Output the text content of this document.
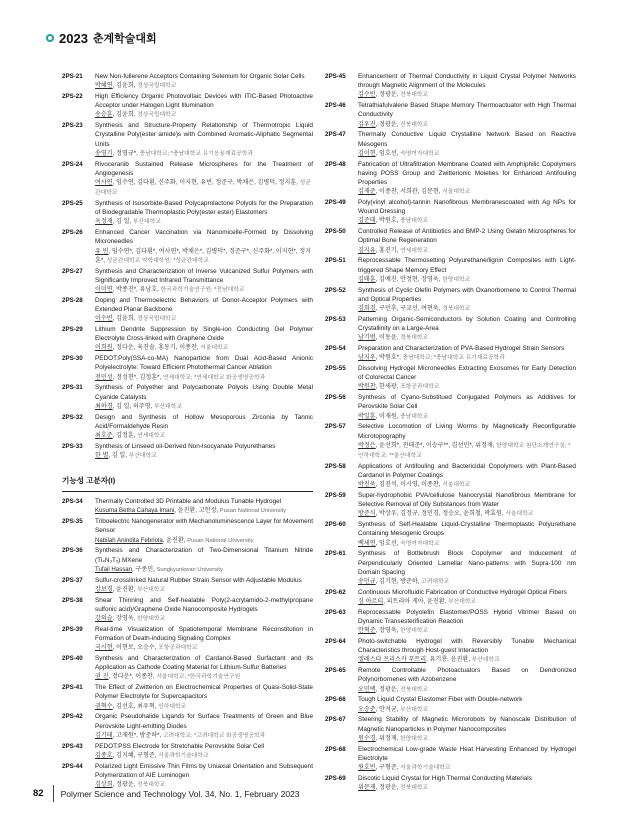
2023 춘계학술대회
2PS-21	New Non-fullerene Acceptors Containing Selenium for Organic Solar Cells
박혜연, 김윤희, 경상국립대학교
2PS-22	High Efficiency Organic Photovoltaic Devices with ITIC-Based Photoactive Acceptor under Halogen Light Illumination
송승훈, 김윤희, 경상국립대학교
2PS-23	Synthesis and Structure-Property Relationship of Thermotropic Liquid Crystalline Poly(ester amide)s with Combined Aromatic-Aliphatic Segmental Units
송영기, 정영규*, 충남대학교; *충남대학교 유기응용재료공학과
2PS-24	Rivoceranib Sustained Release Microspheres for the Treatment of Angiogenesis
여사연, 임수연, 김다훤, 신주화, 이지현, 유빈, 정준구, 박채은, 김병덕, 정지훈, 성균관대학교
2PS-25	Synthesis of Isosorbide-Based Polycaprolactone Polyols for the Preparation of Biodegradable Thermoplastic Poly(ester ester) Elastomers
옥정재, 김 일, 부산대학교
2PS-26	Enhanced Cancer Vaccination via Nanomicelle-Formed by Dissolving Microneedles
유 빈, 임수연*, 김다훤*, 여사연*, 박채은*, 김병덕*, 정준구*, 신주화*, 이지현*, 정지훈*, 성균관대학교 약학대학원; *성균관대학교
2PS-27	Synthesis and Characterization of Inverse Vulcanized Sulfur Polymers with Significantly Improved Infrared Transmittance
이미연, 박종진*, 유남호, 한국과학기술연구원; *전남대학교
2PS-28	Doping and Thermoelectric Behaviors of Donor-Acceptor Polymers with Extended Planar Backbone
이수빈, 김윤희, 경상국립대학교
2PS-29	Lithium Dendrite Suppression by Single-ion Conducting Gel Polymer Electrolyte Cross-linked with Graphene Oxide
이희원, 정다운, 육진솔, 홍동기, 이종찬, 서울대학교
2PS-30	PEDOT:Poly(SSA-co-MA) Nanoparticle from Dual Acid-Based Anionic Polyelectrolyte: Toward Efficient Photothermal Cancer Ablation
전민성, 정성현*, 김정훈*, 연세대학교; *연세대학교 화공생명공학과
2PS-31	Synthesis of Polyether and Polycarbonate Polyols Using Double Metal Cyanide Catalysts
최하경, 김 일, 허주영, 부산대학교
2PS-32	Design and Synthesis of Hollow Mesoporous Zirconia by Tannic Acid/Formaldehyde Resin
최호준, 김정훈, 연세대학교
2PS-33	Synthesis of Linseed oil-Derived Non-Isocyanate Polyurethanes
한 별, 김 일, 부산대학교
기능성 고분자(I)
2PS-34	Thermally Controlled 3D Printable and Modulus Tunable Hydrogel
Kusuma Betha Cahaya Imani, 윤진환, 고언정, Pusan National University
2PS-35	Triboelectric Nanogenerator with Mechanoluminescence Layer for Movement Sensor
Nabilah Anindita Febriola, 윤진환, Pusan National University
2PS-36	Synthesis and Characterization of Two-Dimensional Titanium Nitride (Ti₄N₃Tₓ) MXene
Tufail Hassan, 구종민, Sungkyunkwan University
2PS-37	Sulfur-crosslinked Natural Rubber Strain Sensor with Adjustable Modulus
강보경, 윤진환, 부산대학교
2PS-38	Shear Thinning and Self-healable Poly(2-acrylamido-2-methylpropane sulfonic acid)/Graphene Oxide Nanocomposite Hydrogels
강의슬, 장영욱, 한양대학교
2PS-39	Real-time Visualization of Spatiotemporal Membrane Reconstitution in Formation of Death-inducing Signaling Complex
국시현, 이현로, 오승수, 포항공과대학교
2PS-40	Synthesis and Characterization of Cardanol-Based Surfactant and Its Application as Cathode Coating Material for Lithium-Sulfur Batteries
권 진, 정다운*, 이종찬, 서울대학교; *한국과학기술연구원
2PS-41	The Effect of Zwitterion on Electrochemical Properties of Quasi-Solid-State Polymer Electrolyte for Supercapacitors
권혁수, 김선호, 최우혁, 인하대학교
2PS-42	Organic Pseudohalide Ligands for Surface Treatments of Green and Blue Perovskite Light-emitting Diodes
김기태, 고재원*, 방준하*, 고려대학교; *고려대학교 화공생명공학과
2PS-43	PEDOT:PSS Electrode for Stretchable Perovskite Solar Cell
김종호, 김지혜, 구형준, 서울과학기술대학교
2PS-44	Polarized Light Emissive Thin Films by Uniaxial Orientation and Subsequent Polymerization of AIE Luminogen
김상희, 정광운, 전북대학교
2PS-45	Enhancement of Thermal Conductivity in Liquid Crystal Polymer Networks through Magnetic Alignment of the Molecules
김수빈, 정광운, 전북대학교
2PS-46	Tetrathiafulvalene Based Shape Memory Thermoactuator with High Thermal Conductivity
김우진, 정광운, 전북대학교
2PS-47	Thermally Conductive Liquid Crystalline Network Based on Reactive Mesogens
김이현, 임호선, 숙명여자대학교
2PS-48	Fabrication of Ultrafiltration Membrane Coated with Amphiphilic Copolymers having POSS Group and Zwitterionic Moieties for Enhanced Antifouling Properties
김재준, 이종찬, 서희관, 김문현, 서울대학교
2PS-49	Poly(vinyl alcohol)-tannin Nanofibrous Membranescoated with Ag NPs for Wound Dressing
김준태, 박원호, 충남대학교
2PS-50	Controlled Release of Antibiotics and BMP-2 Using Gelatin Microspheres for Optimal Bone Regeneration
김지유, 홍진기, 연세대학교
2PS-51	Reprocessable Thermosetting Polyurethane/lignin Composites with Light-triggered Shape Memory Effect
김태훈, 김예진, 안정현, 장영욱, 한양대학교
2PS-52	Synthesis of Cyclic Olefin Polymers with Oxanorbornene to Control Thermal and Optical Properties
김희경, 구민후, 구교선, 여현욱, 경북대학교
2PS-53	Patterning Organic-Semiconductors by Solution Coating and Controlling Crystallinity on a Large-Area
남기범, 이동윤, 경북대학교
2PS-54	Preparation and Characterization of PVA-Based Hydrogel Strain Sensors
남지우, 박원호*, 충남대학교; *충남대학교 유기재료공학과
2PS-55	Dissolving Hydrogel Microneedles Extracting Exosomes for Early Detection of Colorectal Cancer
박원찬, 한세광, 포항공과대학교
2PS-56	Synthesis of Cyano-Substitued Conjugated Polymers as Additives for Perovskite Solar Cell
박일훈, 이재원, 충남대학교
2PS-57	Selective Locomotion of Living Worms by Magnetically Reconfigurable Microtopography
박정은, 윤선희*, 전태준*, 이승구**, 김선민*, 위정재, 한양대학교 첨단소재연구실; *인하대학교; **울산대학교
2PS-58	Applications of Antifouling and Bactericidal Copolymers with Plant-Based Cardanol in Polymer Coatings
박진욱, 김진석, 이시영, 이종찬, 서울대학교
2PS-59	Super-hydrophobic PVA/cellulose Nanocrystal Nanofibrous Membrane for Selective Removal of Oily Substances from Water
방준식, 박상우, 김정규, 정민경, 정승오, 윤희철, 곽효원, 서울대학교
2PS-60	Synthesis of Self-Healable Liquid-Crystalline Thermoplastic Polyurethane Containing Mesogenic Groups
백세연, 임호선, 숙명여자대학교
2PS-61	Synthesis of Bottlebrush Block Copolymer and Inducement of Perpendicularly Oriented Lamellar Nano-patterns with Supra-100 nm Domain Spacing
송민규, 김기현, 방준하, 고려대학교
2PS-62	Continuous Microfluidic Fabrication of Conductive Hydrogel Optical Fibers
싱 아르티, 피트리아 게아, 윤진환, 부산대학교
2PS-63	Reprocessable Polyolefin Elastomer/POSS Hybrid Vitrimer Based on Dynamic Transesterification Reaction
안혁준, 장영욱, 한양대학교
2PS-64	Photo-switchable Hydrogel with Reversibly Tunable Mechanical Characteristics through Host-guest Interaction
엘레스타 프리스카 푸트리, 유기룡, 윤진환, 부산대학교
2PS-65	Remote Controllable Photoactuators Based on Dendronized Polynorbornenes with Azobenzene
오민택, 정광운, 전북대학교
2PS-66	Tough Liquid Crystal Elastomer Fiber with Double-network
오승준, 안석균, 부산대학교
2PS-67	Steering Stability of Magnetic Microrobots by Nanoscale Distribution of Magnetic Nanoparticles in Polymer Nanocomposites
원수경, 위정재, 한양대학교
2PS-68	Electrochemical Low-grade Waste Heat Harvesting Enhanced by Hydrogel Electrolyte
원호빈, 구형준, 서울과학기술대학교
2PS-69	Discotic Liquid Crystal for High Thermal Conducting Materials
위문재, 정광운, 전북대학교
82 Polymer Science and Technology Vol. 34, No. 1, February 2023
